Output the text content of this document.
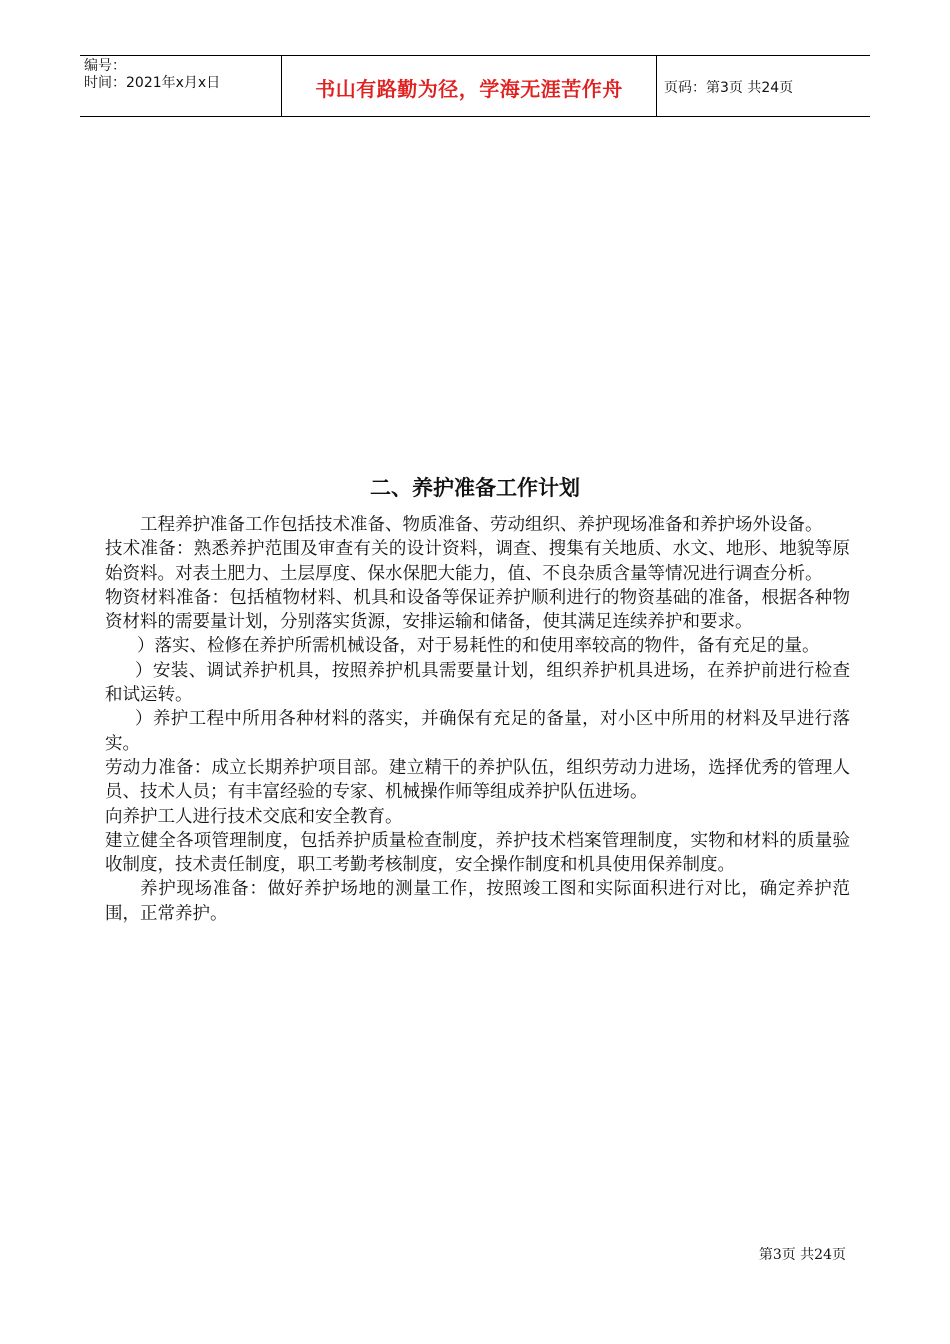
编号：
时间：2021年x月x日	书山有路勤为径，学海无涯苦作舟	页码：第3页 共24页
二、养护准备工作计划

工程养护准备工作包括技术准备、物质准备、劳动组织、养护现场准备和养护场外设备。

技术准备：熟悉养护范围及审查有关的设计资料，调查、搜集有关地质、水文、地形、地貌等原始资料。对表土肥力、土层厚度、保水保肥大能力，值、不良杂质含量等情况进行调查分析。

物资材料准备：包括植物材料、机具和设备等保证养护顺利进行的物资基础的准备，根据各种物资材料的需要量计划，分别落实货源，安排运输和储备，使其满足连续养护和要求。

）落实、检修在养护所需机械设备，对于易耗性的和使用率较高的物件，备有充足的量。

）安装、调试养护机具，按照养护机具需要量计划，组织养护机具进场，在养护前进行检查和试运转。

）养护工程中所用各种材料的落实，并确保有充足的备量，对小区中所用的材料及早进行落实。

劳动力准备：成立长期养护项目部。建立精干的养护队伍，组织劳动力进场，选择优秀的管理人员、技术人员；有丰富经验的专家、机械操作师等组成养护队伍进场。

向养护工人进行技术交底和安全教育。

建立健全各项管理制度，包括养护质量检查制度，养护技术档案管理制度，实物和材料的质量验收制度，技术责任制度，职工考勤考核制度，安全操作制度和机具使用保养制度。

养护现场准备：做好养护场地的测量工作，按照竣工图和实际面积进行对比，确定养护范围，正常养护。

第3页 共24页
